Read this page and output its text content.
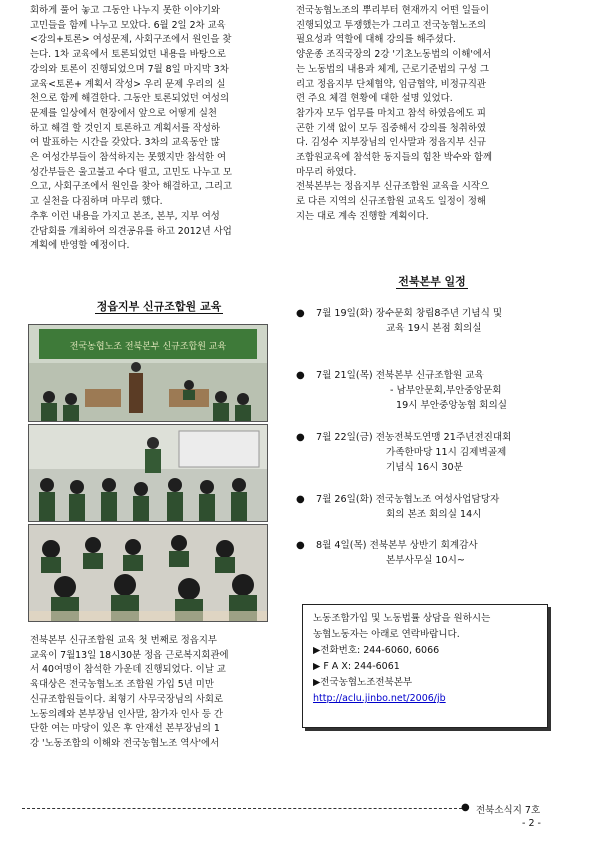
회하게 풀어 놓고 그동안 나누지 못한 이야기와
고민들을 함께 나누고 모았다. 6월 2일 2차 교육
<강의+토론> 여성문제, 사회구조에서 원인을 찾
는다. 1차 교육에서 토론되었던 내용을 바탕으로
강의와 토론이 진행되었으며 7월 8일 마지막 3차
교육<토론+ 계획서 작성> 우리 문제 우리의 실
천으로 함께 해결한다. 그동안 토론되었던 여성의
문제를 일상에서 현장에서 앞으로 어떻게 실천
하고 해결 할 것인지 토론하고 계획서를 작성하
여 발표하는 시간을 갖았다. 3차의 교육동안 많
은 여성간부들이 참석하지는 못했지만 참석한 여
성간부들은 울고불고 수다 떨고, 고민도 나누고 모
으고, 사회구조에서 원인을 찾아 해결하고, 그리고
고 실천을 다짐하며 마무리 했다.
추후 이런 내용을 가지고 본조, 본부, 지부 여성
간담회를 개최하여 의견공유를 하고 2012년 사업
계획에 반영할 예정이다.
정읍지부 신규조합원 교육
전국농협노조 전북본부 신규조합원 교육
전북본부 신규조합원 교육 첫 번째로 정읍지부
교육이 7월13일 18시30분 정읍 근로복지회관에
서 40여명이 참석한 가운데 진행되었다. 이날 교
육대상은 전국농협노조 조합원 가입 5년 미만
신규조합원들이다. 최형기 사무국장님의 사회로
노동의례와 본부장님 인사말, 참가자 인사 등 간
단한 여는 마당이 있은 후 안재선 본부장님의 1
강 '노동조합의 이해와 전국농협노조 역사'에서
전국농협노조의 뿌리부터 현재까지 어떤 일들이
진행되었고 투쟁했는가 그리고 전국농협노조의
필요성과 역할에 대해 강의를 해주셨다.
양운종 조직국장의 2강 '기초노동법의 이해'에서
는 노동법의 내용과 체계, 근로기준법의 구성 그
리고 정읍지부 단체협약, 임금협약, 비정규직관
련 주요 체결 현황에 대한 설명 있었다.
참가자 모두 업무를 마치고 참석 하였음에도 피
곤한 기색 없이 모두 집중해서 강의를 청취하였
다. 김성수 지부장님의 인사말과 정읍지부 신규
조합원교육에 참석한 동지들의 힘찬 박수와 함께
마무리 하였다.
전북본부는 정읍지부 신규조합원 교육을 시작으
로 다른 지역의 신규조합원 교육도 일정이 정해
지는 대로 계속 진행할 계획이다.
전북본부 일정
● 7월 19일(화) 장수문회 창립8주년 기념식 및
교육 19시 본점 회의실
● 7월 21일(목) 전북본부 신규조합원 교육
- 남부안문회,부안중앙문회
19시 부안중앙농협 회의실
● 7월 22일(금) 전농전북도연맹 21주년전진대회
가족한마당 11시 김제벽골제
기념식 16시 30분
● 7월 26일(화) 전국농협노조 여성사업담당자
회의 본조 회의실 14시
● 8월 4일(목) 전북본부 상반기 회계감사
본부사무실 10시~
노동조합가입 및 노동법률 상담을 원하시는
농협노동자는 아래로 연락바랍니다.
▶전화번호: 244-6060, 6066
▶ F A X: 244-6061
▶전국농협노조전북본부
http://aclu.jinbo.net/2006/jb
● 전북소식지 7호
- 2 -
